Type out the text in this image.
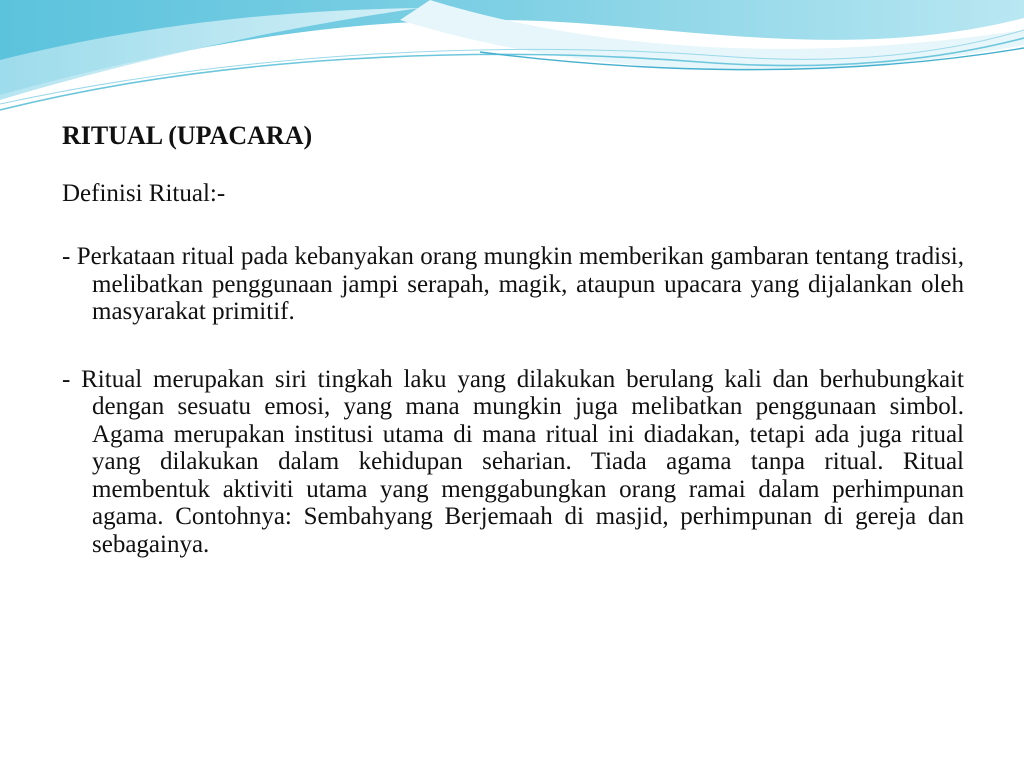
RITUAL (UPACARA)

Definisi Ritual:-

- Perkataan ritual pada kebanyakan orang mungkin memberikan gambaran tentang tradisi, melibatkan penggunaan jampi serapah, magik, ataupun upacara yang dijalankan oleh masyarakat primitif.

- Ritual merupakan siri tingkah laku yang dilakukan berulang kali dan berhubungkait dengan sesuatu emosi, yang mana mungkin juga melibatkan penggunaan simbol. Agama merupakan institusi utama di mana ritual ini diadakan, tetapi ada juga ritual yang dilakukan dalam kehidupan seharian. Tiada agama tanpa ritual. Ritual membentuk aktiviti utama yang menggabungkan orang ramai dalam perhimpunan agama. Contohnya: Sembahyang Berjemaah di masjid, perhimpunan di gereja dan sebagainya.
